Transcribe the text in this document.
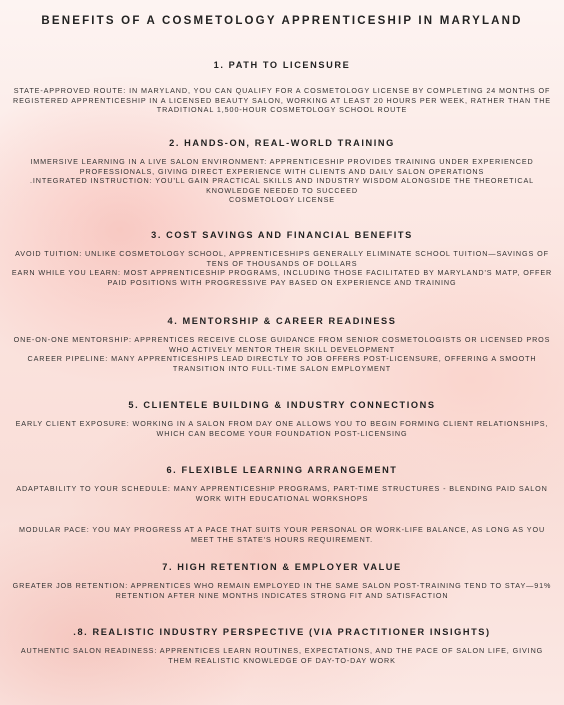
BENEFITS OF A COSMETOLOGY APPRENTICESHIP IN MARYLAND
1. PATH TO LICENSURE

STATE-APPROVED ROUTE: IN MARYLAND, YOU CAN QUALIFY FOR A COSMETOLOGY LICENSE BY COMPLETING 24 MONTHS OF REGISTERED APPRENTICESHIP IN A LICENSED BEAUTY SALON, WORKING AT LEAST 20 HOURS PER WEEK, RATHER THAN THE TRADITIONAL 1,500-HOUR COSMETOLOGY SCHOOL ROUTE

2. HANDS-ON, REAL-WORLD TRAINING

IMMERSIVE LEARNING IN A LIVE SALON ENVIRONMENT: APPRENTICESHIP PROVIDES TRAINING UNDER EXPERIENCED PROFESSIONALS, GIVING DIRECT EXPERIENCE WITH CLIENTS AND DAILY SALON OPERATIONS

.INTEGRATED INSTRUCTION: YOU'LL GAIN PRACTICAL SKILLS AND INDUSTRY WISDOM ALONGSIDE THE THEORETICAL KNOWLEDGE NEEDED TO SUCCEED

COSMETOLOGY LICENSE

3. COST SAVINGS AND FINANCIAL BENEFITS

AVOID TUITION: UNLIKE COSMETOLOGY SCHOOL, APPRENTICESHIPS GENERALLY ELIMINATE SCHOOL TUITION—SAVINGS OF TENS OF THOUSANDS OF DOLLARS

EARN WHILE YOU LEARN: MOST APPRENTICESHIP PROGRAMS, INCLUDING THOSE FACILITATED BY MARYLAND'S MATP, OFFER PAID POSITIONS WITH PROGRESSIVE PAY BASED ON EXPERIENCE AND TRAINING

4. MENTORSHIP & CAREER READINESS

ONE-ON-ONE MENTORSHIP: APPRENTICES RECEIVE CLOSE GUIDANCE FROM SENIOR COSMETOLOGISTS OR LICENSED PROS WHO ACTIVELY MENTOR THEIR SKILL DEVELOPMENT

CAREER PIPELINE: MANY APPRENTICESHIPS LEAD DIRECTLY TO JOB OFFERS POST-LICENSURE, OFFERING A SMOOTH TRANSITION INTO FULL-TIME SALON EMPLOYMENT

5. CLIENTELE BUILDING & INDUSTRY CONNECTIONS

EARLY CLIENT EXPOSURE: WORKING IN A SALON FROM DAY ONE ALLOWS YOU TO BEGIN FORMING CLIENT RELATIONSHIPS, WHICH CAN BECOME YOUR FOUNDATION POST-LICENSING

6. FLEXIBLE LEARNING ARRANGEMENT

ADAPTABILITY TO YOUR SCHEDULE: MANY APPRENTICESHIP PROGRAMS, PART-TIME STRUCTURES - BLENDING PAID SALON WORK WITH EDUCATIONAL WORKSHOPS

MODULAR PACE: YOU MAY PROGRESS AT A PACE THAT SUITS YOUR PERSONAL OR WORK-LIFE BALANCE, AS LONG AS YOU MEET THE STATE'S HOURS REQUIREMENT.

7. HIGH RETENTION & EMPLOYER VALUE

GREATER JOB RETENTION: APPRENTICES WHO REMAIN EMPLOYED IN THE SAME SALON POST-TRAINING TEND TO STAY—91% RETENTION AFTER NINE MONTHS INDICATES STRONG FIT AND SATISFACTION

.8. REALISTIC INDUSTRY PERSPECTIVE (VIA PRACTITIONER INSIGHTS)

AUTHENTIC SALON READINESS: APPRENTICES LEARN ROUTINES, EXPECTATIONS, AND THE PACE OF SALON LIFE, GIVING THEM REALISTIC KNOWLEDGE OF DAY-TO-DAY WORK
